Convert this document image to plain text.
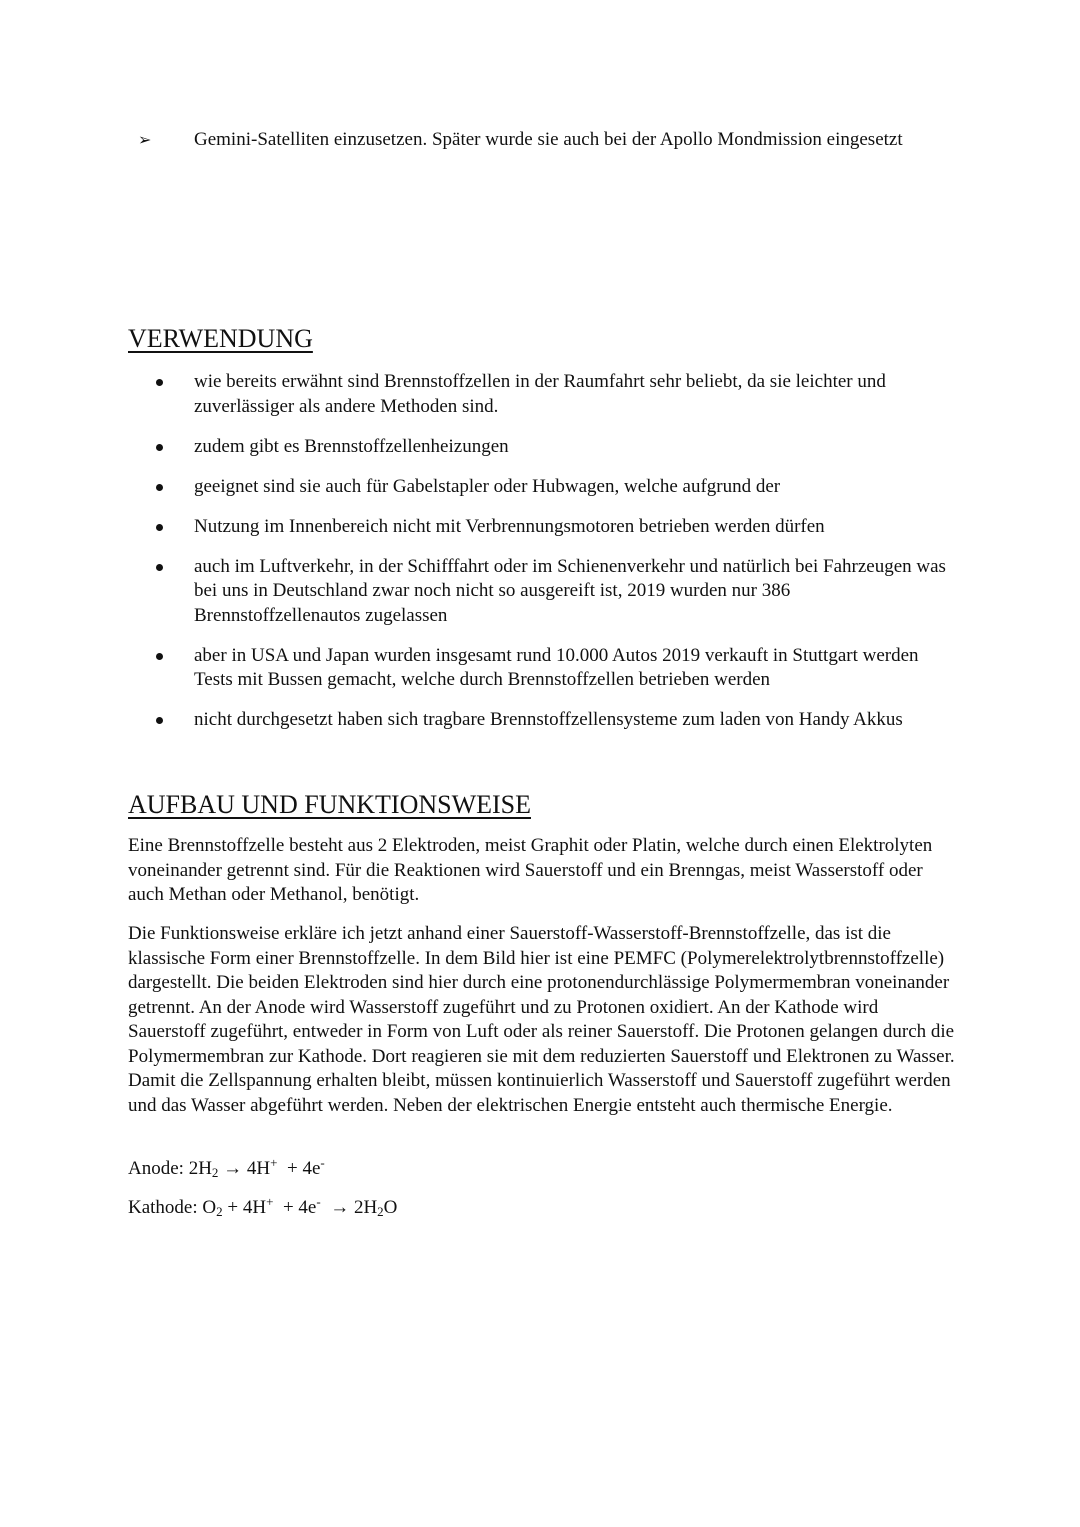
➢	Gemini-Satelliten einzusetzen. Später wurde sie auch bei der Apollo Mondmission eingesetzt
VERWENDUNG
wie bereits erwähnt sind Brennstoffzellen in der Raumfahrt sehr beliebt, da sie leichter und zuverlässiger als andere Methoden sind.
zudem gibt es Brennstoffzellenheizungen
geeignet sind sie auch für Gabelstapler oder Hubwagen, welche aufgrund der
Nutzung im Innenbereich nicht mit Verbrennungsmotoren betrieben werden dürfen
auch im Luftverkehr, in der Schifffahrt oder im Schienenverkehr und natürlich bei Fahrzeugen was bei uns in Deutschland zwar noch nicht so ausgereift ist, 2019 wurden nur 386 Brennstoffzellenautos zugelassen
aber in USA und Japan wurden insgesamt rund 10.000 Autos 2019 verkauft in Stuttgart werden Tests mit Bussen gemacht, welche durch Brennstoffzellen betrieben werden
nicht durchgesetzt haben sich tragbare Brennstoffzellensysteme zum laden von Handy Akkus
AUFBAU UND FUNKTIONSWEISE

Eine Brennstoffzelle besteht aus 2 Elektroden, meist Graphit oder Platin, welche durch einen Elektrolyten voneinander getrennt sind. Für die Reaktionen wird Sauerstoff und ein Brenngas, meist Wasserstoff oder auch Methan oder Methanol, benötigt.

Die Funktionsweise erkläre ich jetzt anhand einer Sauerstoff-Wasserstoff-Brennstoffzelle, das ist die klassische Form einer Brennstoffzelle. In dem Bild hier ist eine PEMFC (Polymerelektrolytbrennstoffzelle) dargestellt. Die beiden Elektroden sind hier durch eine protonendurchlässige Polymermembran voneinander getrennt. An der Anode wird Wasserstoff zugeführt und zu Protonen oxidiert. An der Kathode wird Sauerstoff zugeführt, entweder in Form von Luft oder als reiner Sauerstoff. Die Protonen gelangen durch die Polymermembran zur Kathode. Dort reagieren sie mit dem reduzierten Sauerstoff und Elektronen zu Wasser. Damit die Zellspannung erhalten bleibt, müssen kontinuierlich Wasserstoff und Sauerstoff zugeführt werden und das Wasser abgeführt werden. Neben der elektrischen Energie entsteht auch thermische Energie.

Anode: $2H_2 \to 4H^+ + 4e^-$

Kathode: $O_2 + 4H^+ + 4e^- \to 2H_2O$
